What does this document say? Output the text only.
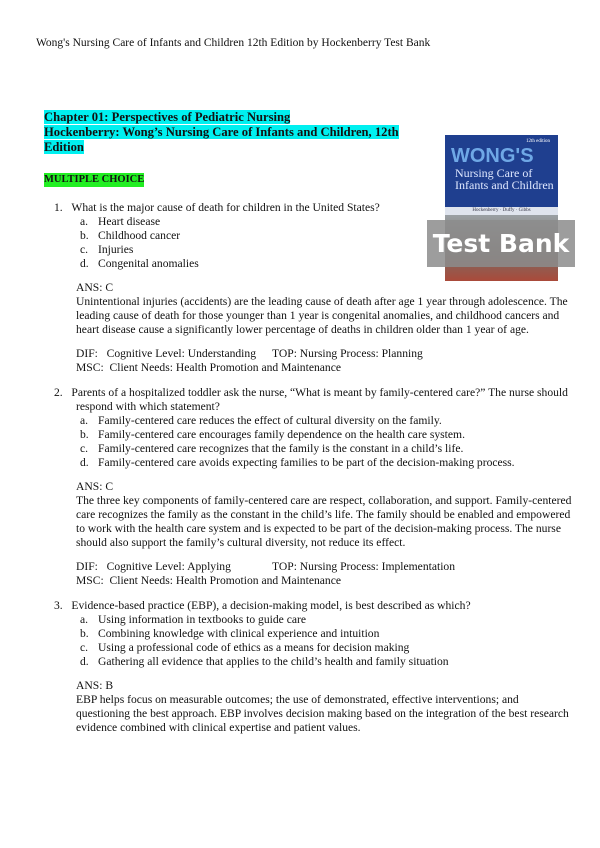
Wong's Nursing Care of Infants and Children 12th Edition by Hockenberry Test Bank
Chapter 01: Perspectives of Pediatric Nursing
Hockenberry: Wong’s Nursing Care of Infants and Children, 12th Edition
MULTIPLE CHOICE
1. What is the major cause of death for children in the United States?
a. Heart disease
b. Childhood cancer
c. Injuries
d. Congenital anomalies
ANS: C
Unintentional injuries (accidents) are the leading cause of death after age 1 year through adolescence. The leading cause of death for those younger than 1 year is congenital anomalies, and childhood cancers and heart disease cause a significantly lower percentage of deaths in children older than 1 year of age.
DIF:   Cognitive Level: Understanding TOP: Nursing Process: Planning
MSC:  Client Needs: Health Promotion and Maintenance
2. Parents of a hospitalized toddler ask the nurse, “What is meant by family-centered care?” The nurse should respond with which statement?
a. Family-centered care reduces the effect of cultural diversity on the family.
b. Family-centered care encourages family dependence on the health care system.
c. Family-centered care recognizes that the family is the constant in a child’s life.
d. Family-centered care avoids expecting families to be part of the decision-making process.
ANS: C
The three key components of family-centered care are respect, collaboration, and support. Family-centered care recognizes the family as the constant in the child’s life. The family should be enabled and empowered to work with the health care system and is expected to be part of the decision-making process. The nurse should also support the family’s cultural diversity, not reduce its effect.
DIF:   Cognitive Level: Applying	TOP: Nursing Process: Implementation
MSC:  Client Needs: Health Promotion and Maintenance
3. Evidence-based practice (EBP), a decision-making model, is best described as which?
a. Using information in textbooks to guide care
b. Combining knowledge with clinical experience and intuition
c. Using a professional code of ethics as a means for decision making
d. Gathering all evidence that applies to the child’s health and family situation
ANS: B
EBP helps focus on measurable outcomes; the use of demonstrated, effective interventions; and questioning the best approach. EBP involves decision making based on the integration of the best research evidence combined with clinical expertise and patient values.
12th edition
WONG'S
Nursing Care of Infants and Children
Hockenberry · Duffy · Gibbs
Test Bank
